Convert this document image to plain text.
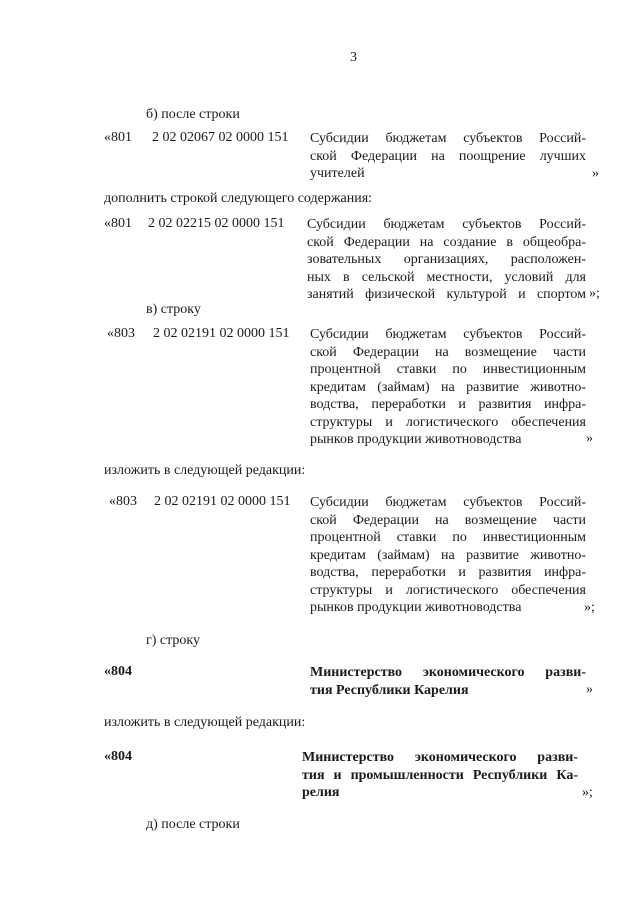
3
б) после строки
«801 2 02 02067 02 0000 151 Субсидии бюджетам субъектов Россий-
ской Федерации на поощрение лучших
учителей	»
дополнить строкой следующего содержания:
«801 2 02 02215 02 0000 151 Субсидии бюджетам субъектов Россий-
ской Федерации на создание в общеобра-
зовательных организациях, расположен-
ных в сельской местности, условий для
занятий физической культурой и спортом »;
в) строку
«803 2 02 02191 02 0000 151 Субсидии бюджетам субъектов Россий-
ской Федерации на возмещение части
процентной ставки по инвестиционным
кредитам (займам) на развитие животно-
водства, переработки и развития инфра-
структуры и логистического обеспечения
рынков продукции животноводства	»
изложить в следующей редакции:
«803 2 02 02191 02 0000 151 Субсидии бюджетам субъектов Россий-
ской Федерации на возмещение части
процентной ставки по инвестиционным
кредитам (займам) на развитие животно-
водства, переработки и развития инфра-
структуры и логистического обеспечения
рынков продукции животноводства	»;
г) строку
«804	Министерство экономического разви-
тия Республики Карелия	»
изложить в следующей редакции:
«804	Министерство экономического разви-
тия и промышленности Республики Ка-
релия	»;
д) после строки
